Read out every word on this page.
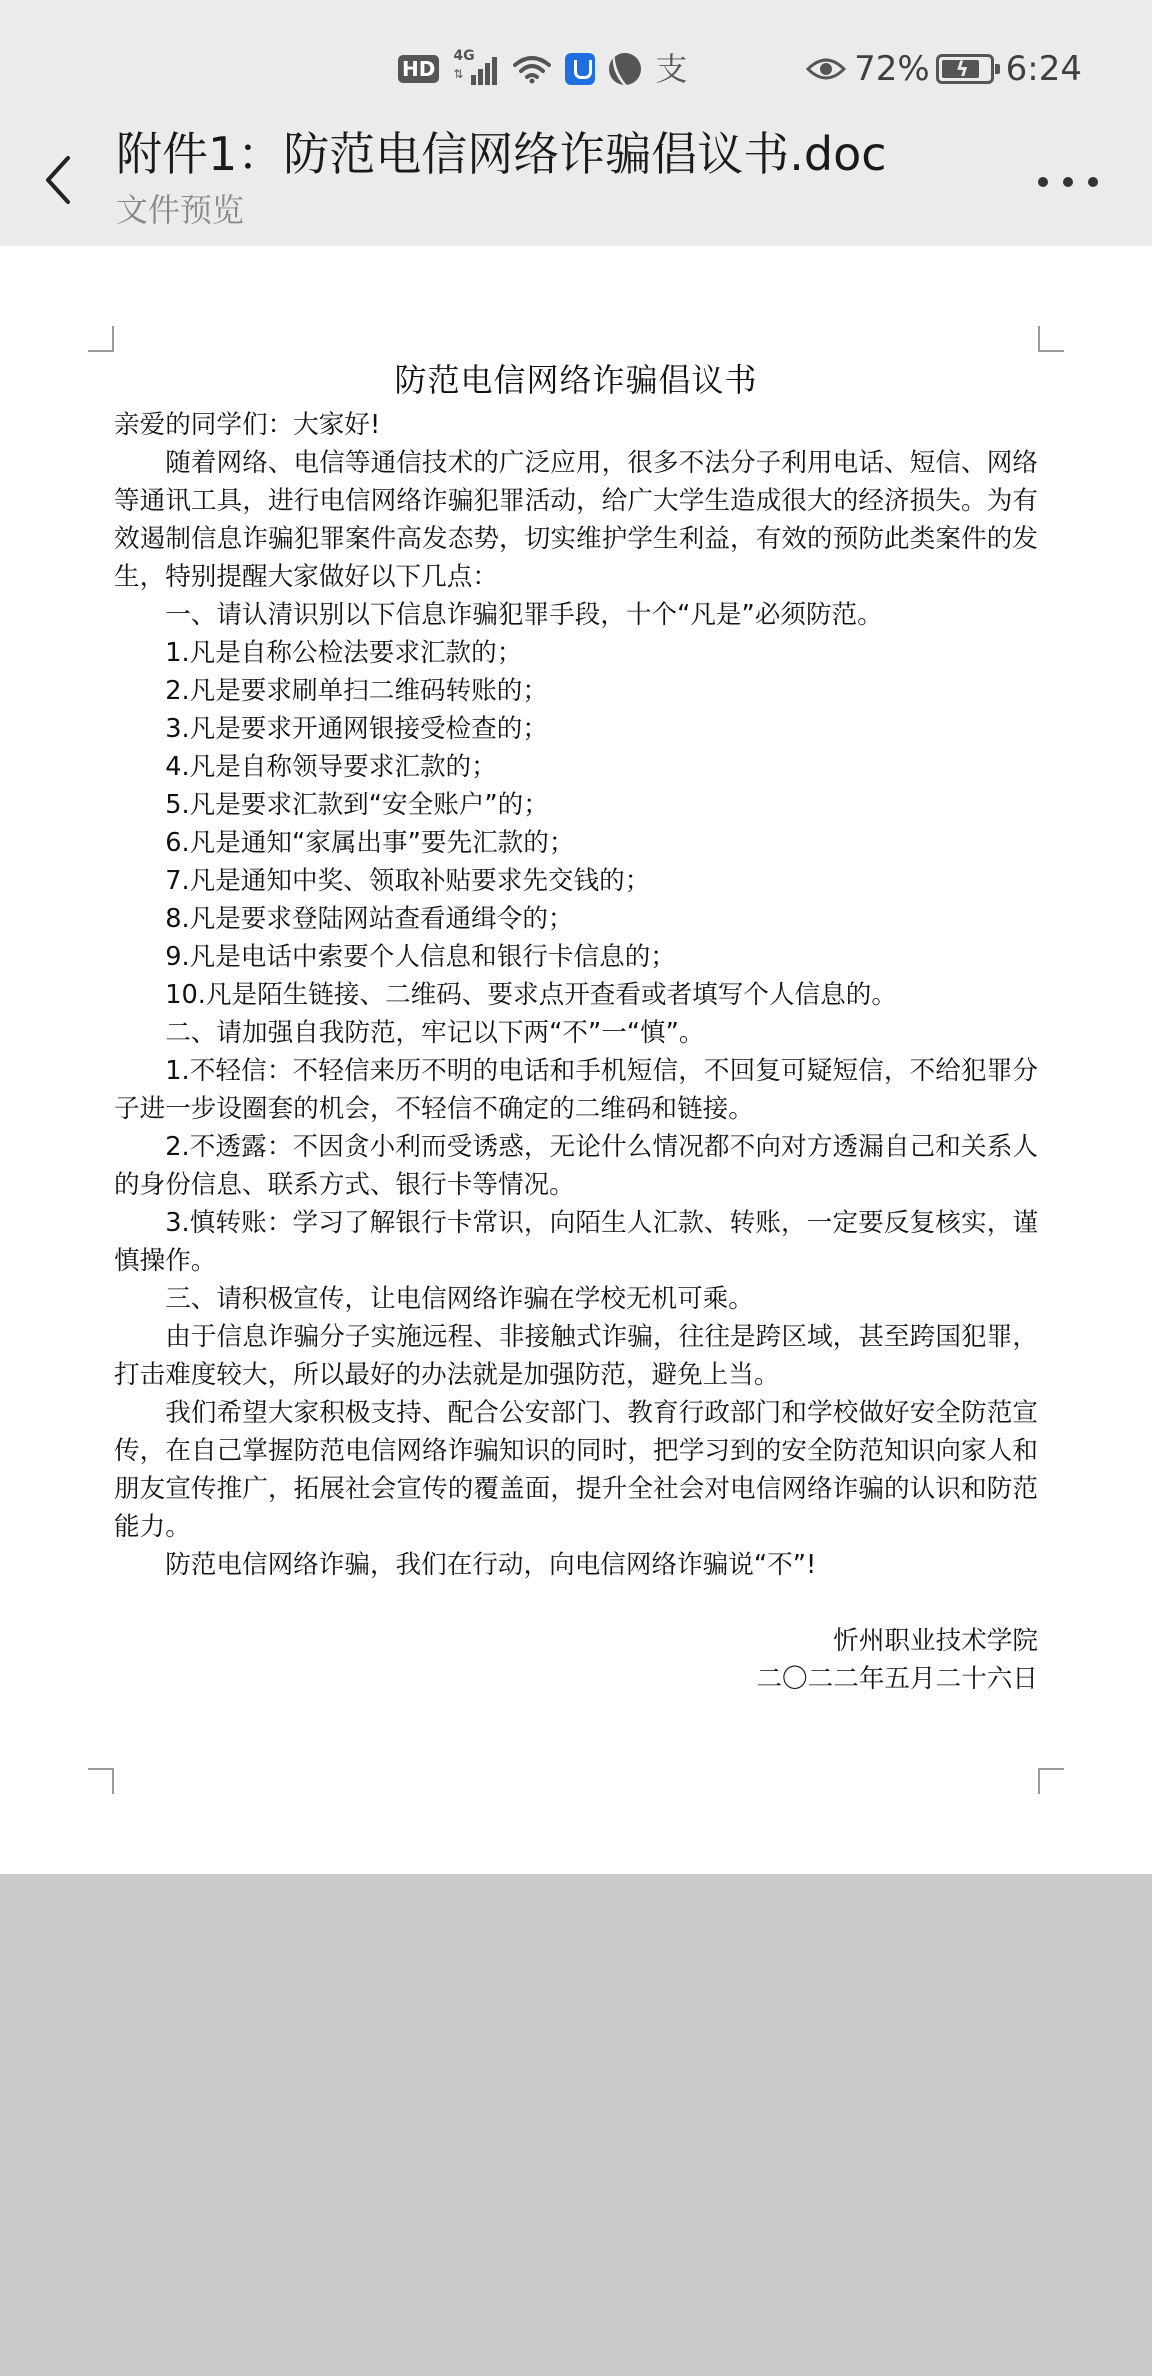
HD
4G
⇅	支	72% ϟ 6:24
附件1：防范电信网络诈骗倡议书.doc
文件预览
防范电信网络诈骗倡议书

亲爱的同学们：大家好!

随着网络、电信等通信技术的广泛应用，很多不法分子利用电话、短信、网络等通讯工具，进行电信网络诈骗犯罪活动，给广大学生造成很大的经济损失。为有效遏制信息诈骗犯罪案件高发态势，切实维护学生利益，有效的预防此类案件的发生，特别提醒大家做好以下几点：

一、请认清识别以下信息诈骗犯罪手段，十个“凡是”必须防范。

1.凡是自称公检法要求汇款的；

2.凡是要求刷单扫二维码转账的；

3.凡是要求开通网银接受检查的；

4.凡是自称领导要求汇款的；

5.凡是要求汇款到“安全账户”的；

6.凡是通知“家属出事”要先汇款的；

7.凡是通知中奖、领取补贴要求先交钱的；

8.凡是要求登陆网站查看通缉令的；

9.凡是电话中索要个人信息和银行卡信息的；

10.凡是陌生链接、二维码、要求点开查看或者填写个人信息的。

二、请加强自我防范，牢记以下两“不”一“慎”。

1.不轻信：不轻信来历不明的电话和手机短信，不回复可疑短信，不给犯罪分子进一步设圈套的机会，不轻信不确定的二维码和链接。

2.不透露：不因贪小利而受诱惑，无论什么情况都不向对方透漏自己和关系人的身份信息、联系方式、银行卡等情况。

3.慎转账：学习了解银行卡常识，向陌生人汇款、转账，一定要反复核实，谨慎操作。

三、请积极宣传，让电信网络诈骗在学校无机可乘。

由于信息诈骗分子实施远程、非接触式诈骗，往往是跨区域，甚至跨国犯罪，打击难度较大，所以最好的办法就是加强防范，避免上当。

我们希望大家积极支持、配合公安部门、教育行政部门和学校做好安全防范宣传，在自己掌握防范电信网络诈骗知识的同时，把学习到的安全防范知识向家人和朋友宣传推广，拓展社会宣传的覆盖面，提升全社会对电信网络诈骗的认识和防范能力。

防范电信网络诈骗，我们在行动，向电信网络诈骗说“不”!

忻州职业技术学院

二〇二二年五月二十六日
